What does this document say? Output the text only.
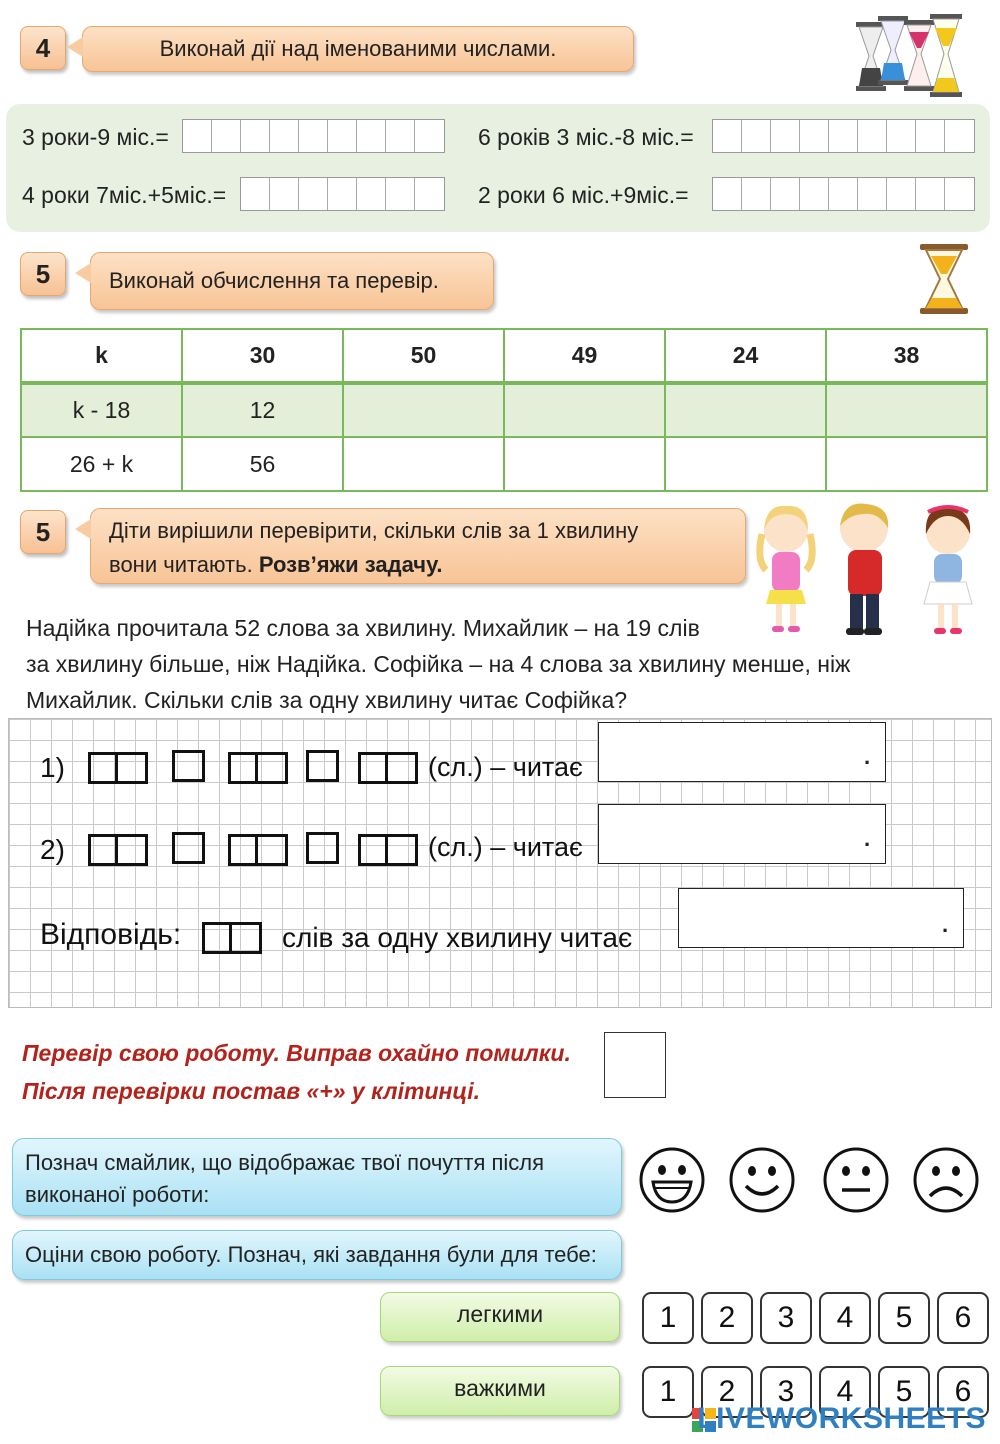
4	Виконай дії над іменованими числами.
3 роки-9 міс.=	6 років 3 міс.-8 міс.=
4 роки 7міс.+5міс.=	2 роки 6 міс.+9міс.=
5	Виконай обчислення та перевір.
k	30	50	49	24	38
k - 18	12				
26 + k	56				
5	Діти вирішили перевірити, скільки слів за 1 хвилину
вони читають. Розв’яжи задачу.
Надійка прочитала 52 слова за хвилину. Михайлик – на 19 слів
за хвилину більше, ніж Надійка. Софійка – на 4 слова за хвилину менше, ніж
Михайлик. Скільки слів за одну хвилину читає Софійка?
1)	(сл.) – читає	.
2)	(сл.) – читає	.
Відповідь:	слів за одну хвилину читає	.
Перевір свою роботу. Виправ охайно помилки.
Після перевірки постав «+» у клітинці.
Познач смайлик, що відображає твої почуття після виконаної роботи:
Оціни свою роботу. Познач, які завдання були для тебе:
легкими	1	2	3	4	5	6
важкими	1	2	3	4	5	6
LIVEWORKSHEETS
